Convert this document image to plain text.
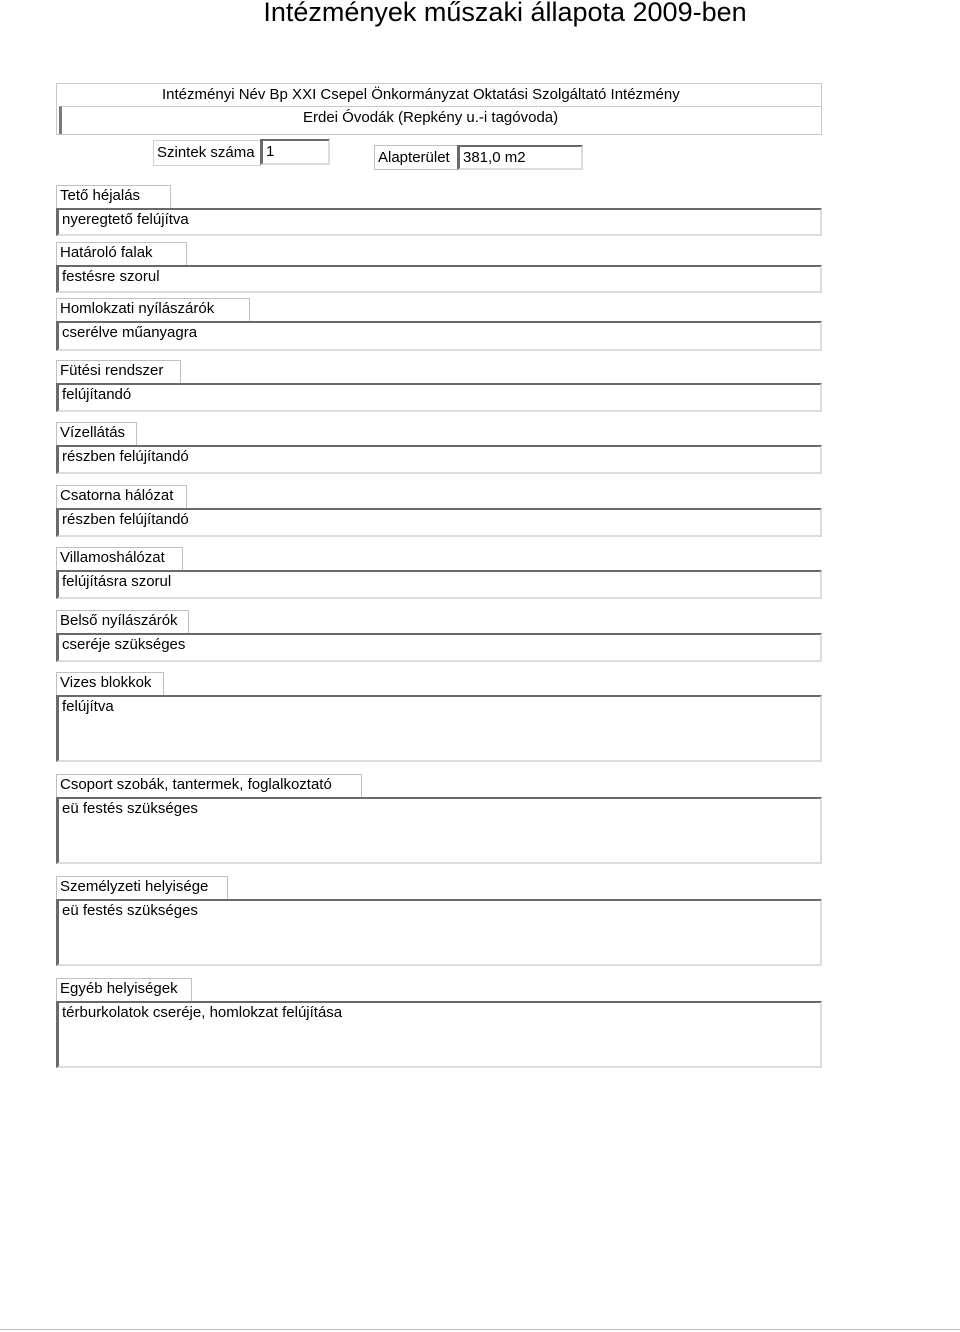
Intézmények műszaki állapota 2009-ben
Intézményi Név Bp XXI Csepel Önkormányzat Oktatási Szolgáltató Intézmény
Erdei Óvodák (Repkény u.-i tagóvoda)
Szintek száma 1	Alapterület 381,0 m2
Tető héjalás
nyeregtető felújítva
Határoló falak
festésre szorul
Homlokzati nyílászárók
cserélve műanyagra
Fütési rendszer
felújítandó
Vízellátás
részben felújítandó
Csatorna hálózat
részben felújítandó
Villamoshálózat
felújításra szorul
Belső nyílászárók
cseréje szükséges
Vizes blokkok
felújítva
Csoport szobák, tantermek, foglalkoztató
eü festés szükséges
Személyzeti helyisége
eü festés szükséges
Egyéb helyiségek
térburkolatok cseréje, homlokzat felújítása
